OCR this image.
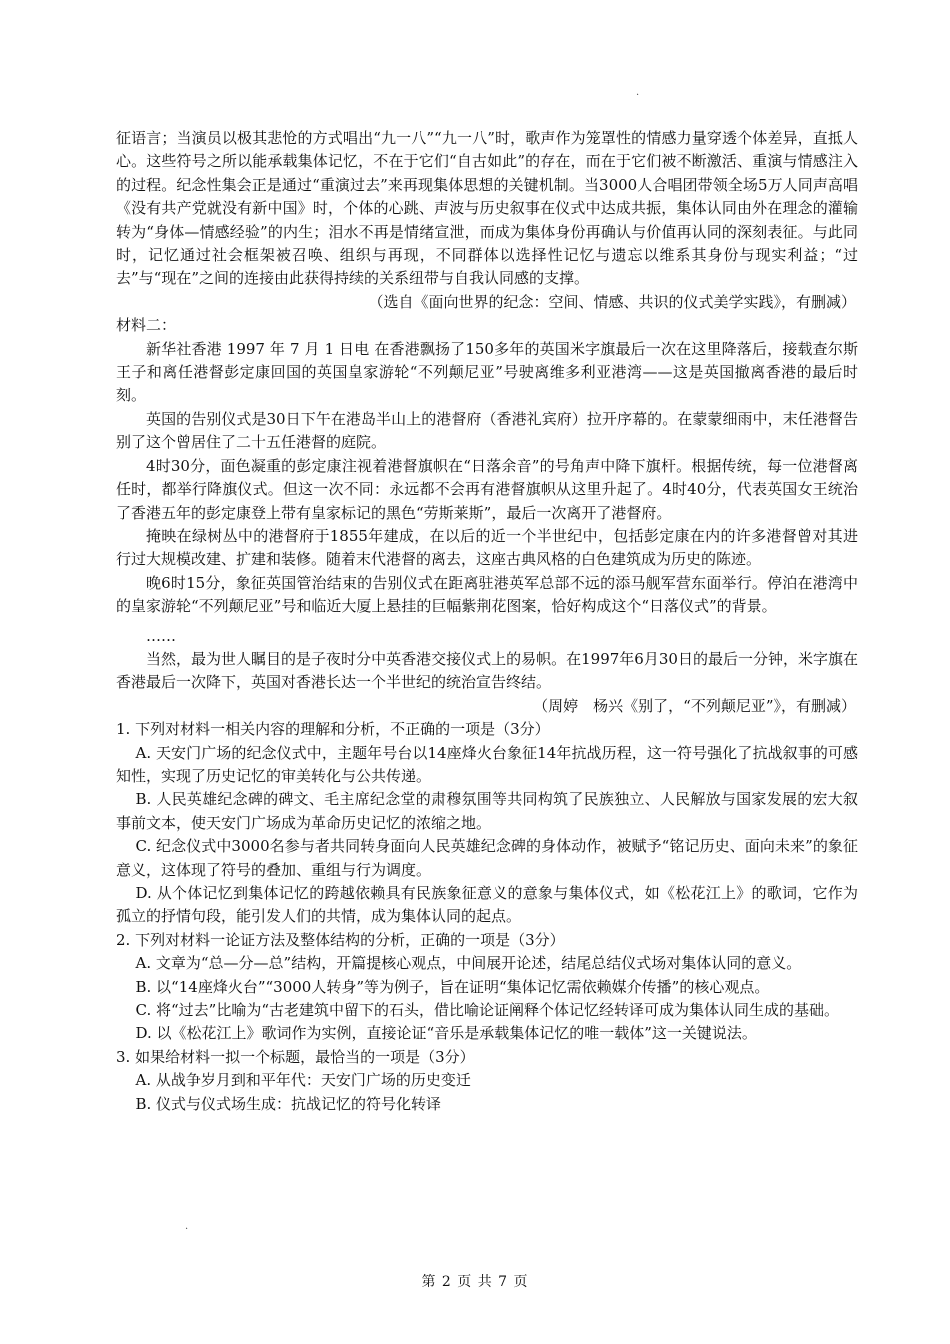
·

征语言；当演员以极其悲怆的方式唱出“九一八”“九一八”时，歌声作为笼罩性的情感力量穿透个体差异，直抵人心。这些符号之所以能承载集体记忆，不在于它们“自古如此”的存在，而在于它们被不断激活、重演与情感注入的过程。纪念性集会正是通过“重演过去”来再现集体思想的关键机制。当3000人合唱团带领全场5万人同声高唱《没有共产党就没有新中国》时，个体的心跳、声波与历史叙事在仪式中达成共振，集体认同由外在理念的灌输转为“身体—情感经验”的内生；泪水不再是情绪宣泄，而成为集体身份再确认与价值再认同的深刻表征。与此同时，记忆通过社会框架被召唤、组织与再现，不同群体以选择性记忆与遗忘以维系其身份与现实利益；“过去”与“现在”之间的连接由此获得持续的关系纽带与自我认同感的支撑。

（选自《面向世界的纪念：空间、情感、共识的仪式美学实践》，有删减）

材料二：

新华社香港 1997 年 7 月 1 日电 在香港飘扬了150多年的英国米字旗最后一次在这里降落后，接载查尔斯王子和离任港督彭定康回国的英国皇家游轮“不列颠尼亚”号驶离维多利亚港湾——这是英国撤离香港的最后时刻。

英国的告别仪式是30日下午在港岛半山上的港督府（香港礼宾府）拉开序幕的。在蒙蒙细雨中，末任港督告别了这个曾居住了二十五任港督的庭院。

4时30分，面色凝重的彭定康注视着港督旗帜在“日落余音”的号角声中降下旗杆。根据传统，每一位港督离任时，都举行降旗仪式。但这一次不同：永远都不会再有港督旗帜从这里升起了。4时40分，代表英国女王统治了香港五年的彭定康登上带有皇家标记的黑色“劳斯莱斯”，最后一次离开了港督府。

掩映在绿树丛中的港督府于1855年建成，在以后的近一个半世纪中，包括彭定康在内的许多港督曾对其进行过大规模改建、扩建和装修。随着末代港督的离去，这座古典风格的白色建筑成为历史的陈迹。

晚6时15分，象征英国管治结束的告别仪式在距离驻港英军总部不远的添马舰军营东面举行。停泊在港湾中的皇家游轮“不列颠尼亚”号和临近大厦上悬挂的巨幅紫荆花图案，恰好构成这个“日落仪式”的背景。

……

当然，最为世人瞩目的是子夜时分中英香港交接仪式上的易帜。在1997年6月30日的最后一分钟，米字旗在香港最后一次降下，英国对香港长达一个半世纪的统治宣告终结。

（周婷　杨兴《别了，“不列颠尼亚”》，有删减）

1. 下列对材料一相关内容的理解和分析，不正确的一项是（3分）

A. 天安门广场的纪念仪式中，主题年号台以14座烽火台象征14年抗战历程，这一符号强化了抗战叙事的可感知性，实现了历史记忆的审美转化与公共传递。

B. 人民英雄纪念碑的碑文、毛主席纪念堂的肃穆氛围等共同构筑了民族独立、人民解放与国家发展的宏大叙事前文本，使天安门广场成为革命历史记忆的浓缩之地。

C. 纪念仪式中3000名参与者共同转身面向人民英雄纪念碑的身体动作，被赋予“铭记历史、面向未来”的象征意义，这体现了符号的叠加、重组与行为调度。

D. 从个体记忆到集体记忆的跨越依赖具有民族象征意义的意象与集体仪式，如《松花江上》的歌词，它作为孤立的抒情句段，能引发人们的共情，成为集体认同的起点。

2. 下列对材料一论证方法及整体结构的分析，正确的一项是（3分）

A. 文章为“总—分—总”结构，开篇提核心观点，中间展开论述，结尾总结仪式场对集体认同的意义。

B. 以“14座烽火台”“3000人转身”等为例子，旨在证明“集体记忆需依赖媒介传播”的核心观点。

C. 将“过去”比喻为“古老建筑中留下的石头，借比喻论证阐释个体记忆经转译可成为集体认同生成的基础。

D. 以《松花江上》歌词作为实例，直接论证“音乐是承载集体记忆的唯一载体”这一关键说法。

3. 如果给材料一拟一个标题，最恰当的一项是（3分）

A. 从战争岁月到和平年代：天安门广场的历史变迁

B. 仪式与仪式场生成：抗战记忆的符号化转译

·
第 2 页 共 7 页
